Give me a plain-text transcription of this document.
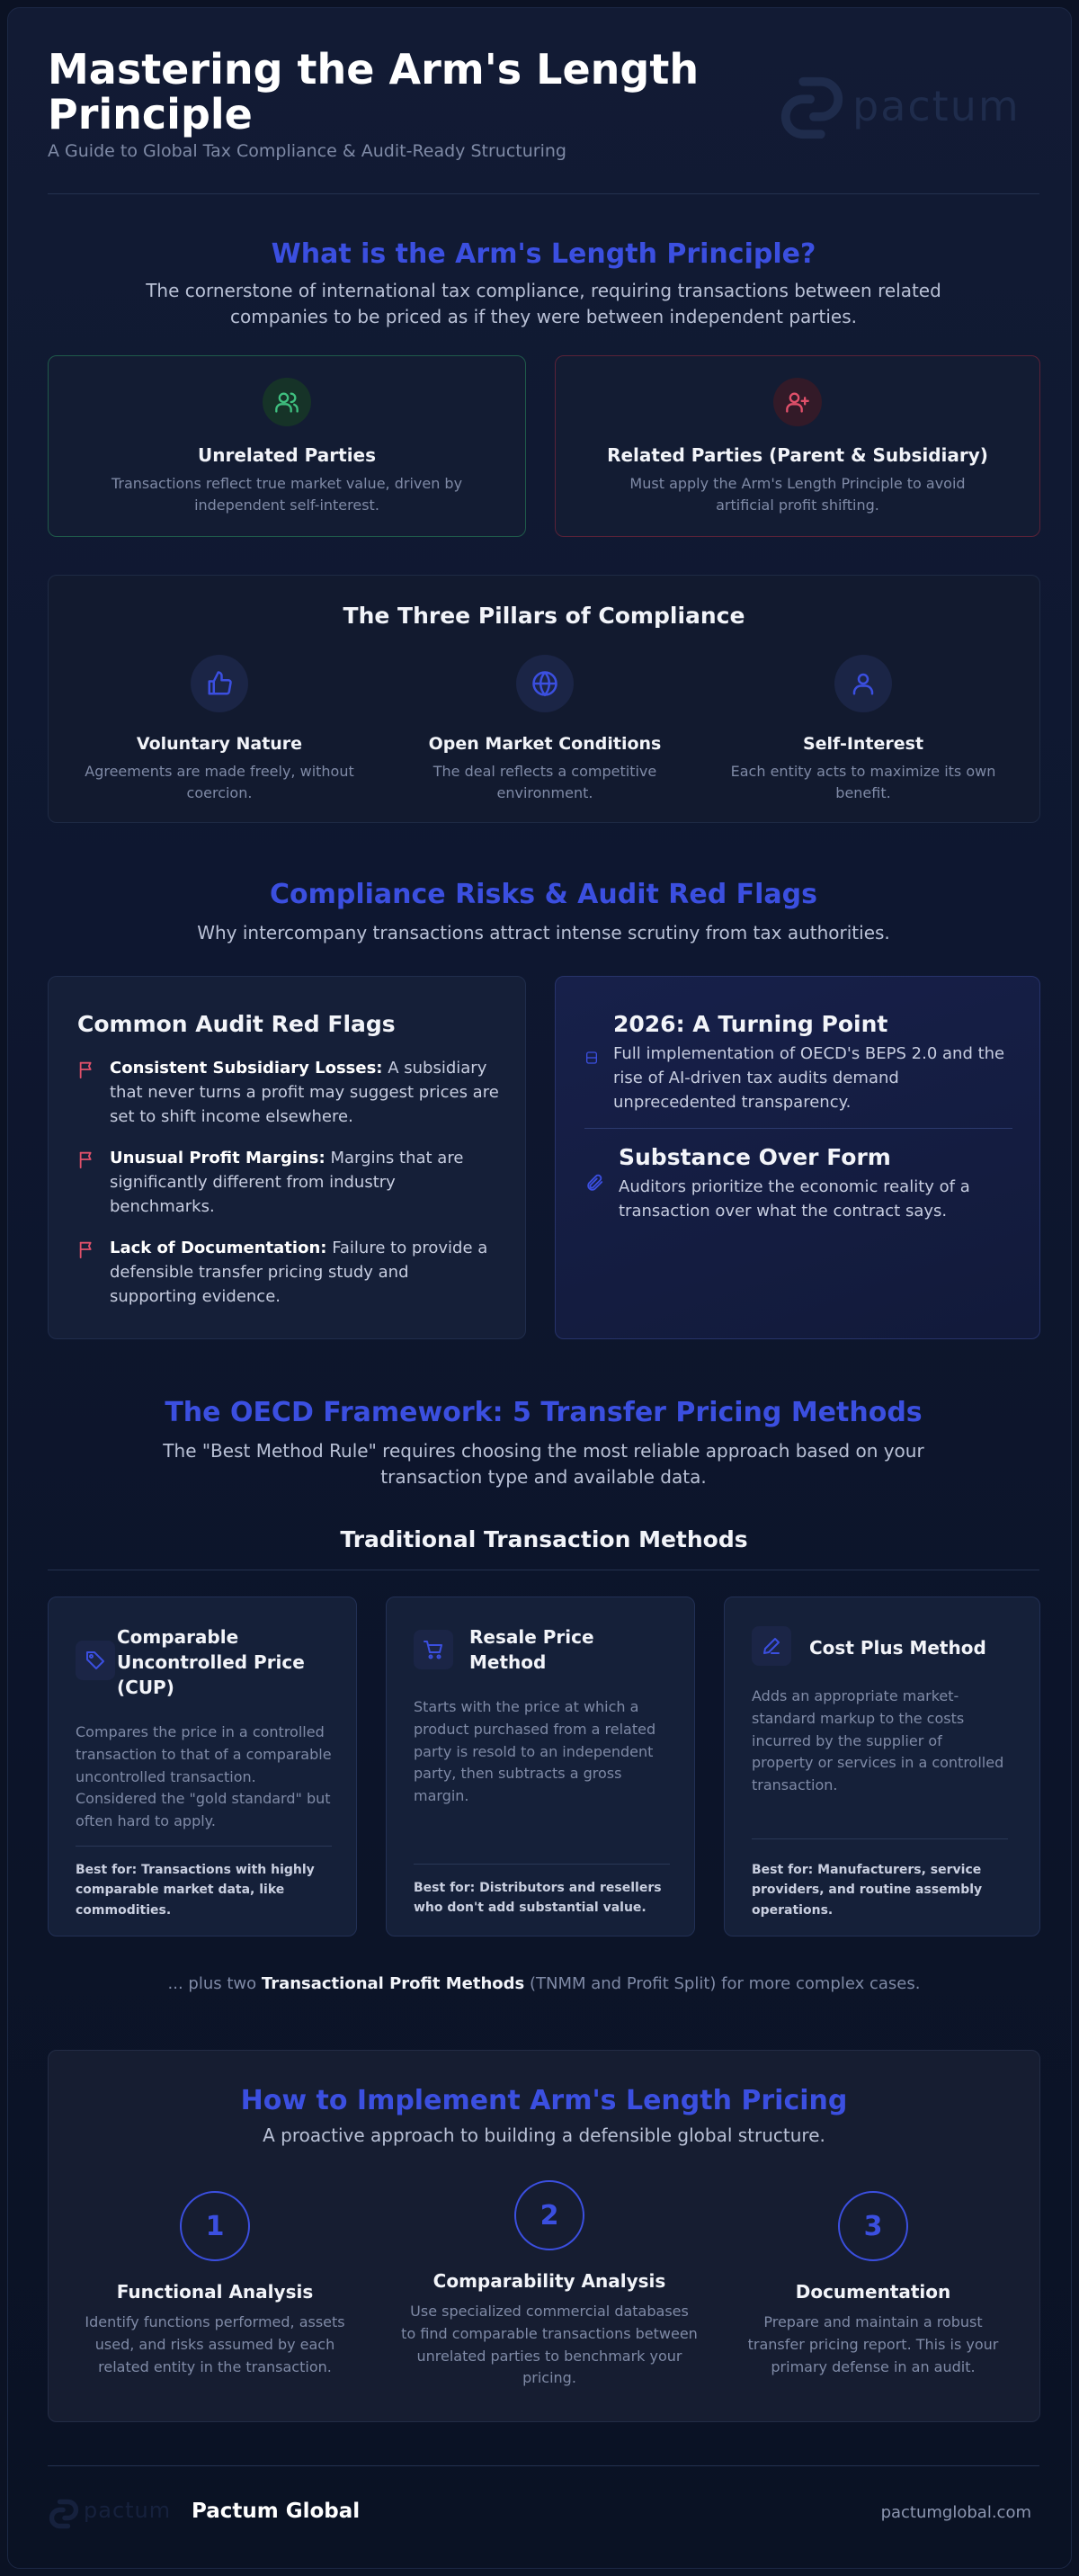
Mastering the Arm's Length Principle
A Guide to Global Tax Compliance & Audit-Ready Structuring
pactum
What is the Arm's Length Principle?
The cornerstone of international tax compliance, requiring transactions between related companies to be priced as if they were between independent parties.
Unrelated Parties
Transactions reflect true market value, driven by independent self-interest.
Related Parties (Parent & Subsidiary)
Must apply the Arm's Length Principle to avoid artificial profit shifting.
The Three Pillars of Compliance
Voluntary Nature
Agreements are made freely, without coercion.
Open Market Conditions
The deal reflects a competitive environment.
Self-Interest
Each entity acts to maximize its own benefit.
Compliance Risks & Audit Red Flags
Why intercompany transactions attract intense scrutiny from tax authorities.
Common Audit Red Flags
Consistent Subsidiary Losses: A subsidiary that never turns a profit may suggest prices are set to shift income elsewhere.
Unusual Profit Margins: Margins that are significantly different from industry benchmarks.
Lack of Documentation: Failure to provide a defensible transfer pricing study and supporting evidence.
2026: A Turning Point
Full implementation of OECD's BEPS 2.0 and the rise of AI-driven tax audits demand unprecedented transparency.
Substance Over Form
Auditors prioritize the economic reality of a transaction over what the contract says.
The OECD Framework: 5 Transfer Pricing Methods
The "Best Method Rule" requires choosing the most reliable approach based on your transaction type and available data.
Traditional Transaction Methods
Comparable Uncontrolled Price (CUP)
Compares the price in a controlled transaction to that of a comparable uncontrolled transaction. Considered the "gold standard" but often hard to apply.
Best for: Transactions with highly comparable market data, like commodities.
Resale Price Method
Starts with the price at which a product purchased from a related party is resold to an independent party, then subtracts a gross margin.
Best for: Distributors and resellers who don't add substantial value.
Cost Plus Method
Adds an appropriate market-standard markup to the costs incurred by the supplier of property or services in a controlled transaction.
Best for: Manufacturers, service providers, and routine assembly operations.
... plus two Transactional Profit Methods (TNMM and Profit Split) for more complex cases.
How to Implement Arm's Length Pricing
A proactive approach to building a defensible global structure.
1
Functional Analysis
Identify functions performed, assets used, and risks assumed by each related entity in the transaction.
2
Comparability Analysis
Use specialized commercial databases to find comparable transactions between unrelated parties to benchmark your pricing.
3
Documentation
Prepare and maintain a robust transfer pricing report. This is your primary defense in an audit.
pactum Pactum Global	pactumglobal.com
